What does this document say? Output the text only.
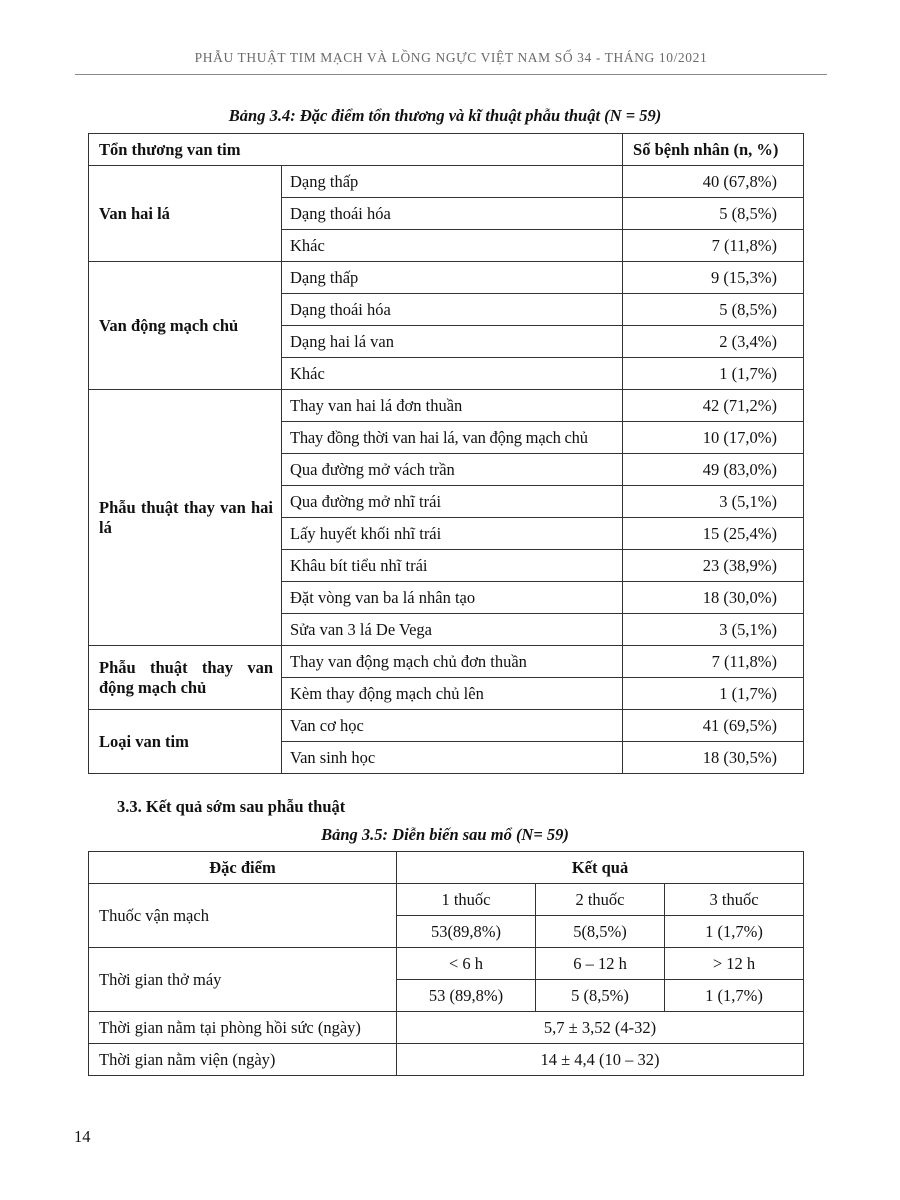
PHẪU THUẬT TIM MẠCH VÀ LỒNG NGỰC VIỆT NAM SỐ 34 - THÁNG 10/2021

Bảng 3.4: Đặc điểm tổn thương và kĩ thuật phẫu thuật (N = 59)

Tổn thương van tim		Số bệnh nhân (n, %)
Van hai lá	Dạng thấp	40 (67,8%)
	Dạng thoái hóa	5 (8,5%)
	Khác	7 (11,8%)
Van động mạch chủ	Dạng thấp	9 (15,3%)
	Dạng thoái hóa	5 (8,5%)
	Dạng hai lá van	2 (3,4%)
	Khác	1 (1,7%)
Phẫu thuật thay van hai lá	Thay van hai lá đơn thuần	42 (71,2%)
	Thay đồng thời van hai lá, van động mạch chủ	10 (17,0%)
	Qua đường mở vách trần	49 (83,0%)
	Qua đường mở nhĩ trái	3 (5,1%)
	Lấy huyết khối nhĩ trái	15 (25,4%)
	Khâu bít tiểu nhĩ trái	23 (38,9%)
	Đặt vòng van ba lá nhân tạo	18 (30,0%)
	Sửa van 3 lá De Vega	3 (5,1%)
Phẫu thuật thay van động mạch chủ	Thay van động mạch chủ đơn thuần	7 (11,8%)
	Kèm thay động mạch chủ lên	1 (1,7%)
Loại van tim	Van cơ học	41 (69,5%)
	Van sinh học	18 (30,5%)

3.3. Kết quả sớm sau phẫu thuật

Bảng 3.5: Diễn biến sau mổ (N= 59)

Đặc điểm	Kết quả		
Thuốc vận mạch	1 thuốc	2 thuốc	3 thuốc
	53(89,8%)	5(8,5%)	1 (1,7%)
Thời gian thở máy	< 6 h	6 – 12 h	> 12 h
	53 (89,8%)	5 (8,5%)	1 (1,7%)
Thời gian nằm tại phòng hồi sức (ngày)	5,7 ± 3,52 (4-32)		
Thời gian nằm viện (ngày)	14 ± 4,4 (10 – 32)		
14
